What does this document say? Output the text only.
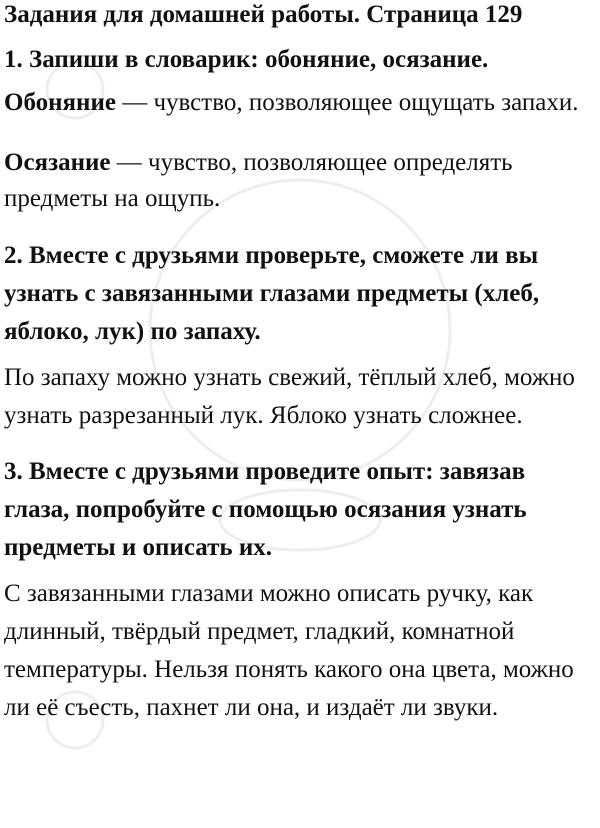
Задания для домашней работы. Страница 129

1. Запиши в словарик: обоняние, осязание.

Обоняние — чувство, позволяющее ощущать запахи.

Осязание — чувство, позволяющее определять предметы на ощупь.

2. Вместе с друзьями проверьте, сможете ли вы узнать с завязанными глазами предметы (хлеб, яблоко, лук) по запаху.

По запаху можно узнать свежий, тёплый хлеб, можно узнать разрезанный лук. Яблоко узнать сложнее.

3. Вместе с друзьями проведите опыт: завязав глаза, попробуйте с помощью осязания узнать предметы и описать их.

С завязанными глазами можно описать ручку, как длинный, твёрдый предмет, гладкий, комнатной температуры. Нельзя понять какого она цвета, можно ли её съесть, пахнет ли она, и издаёт ли звуки.
